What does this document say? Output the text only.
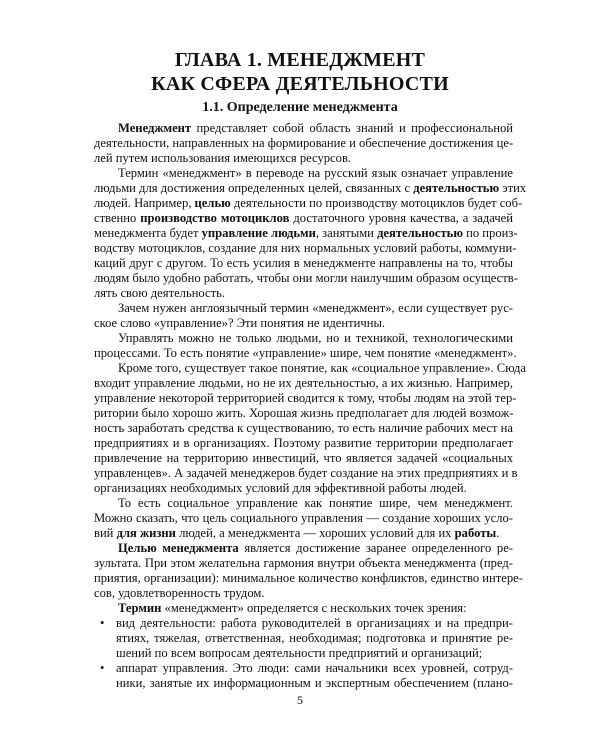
ГЛАВА 1. МЕНЕДЖМЕНТ
КАК СФЕРА ДЕЯТЕЛЬНОСТИ
1.1. Определение менеджмента
Менеджмент представляет собой область знаний и профессиональной
деятельности, направленных на формирование и обеспечение достижения це-
лей путем использования имеющихся ресурсов.
Термин «менеджмент» в переводе на русский язык означает управление
людьми для достижения определенных целей, связанных с деятельностью этих
людей. Например, целью деятельности по производству мотоциклов будет соб-
ственно производство мотоциклов достаточного уровня качества, а задачей
менеджмента будет управление людьми, занятыми деятельностью по произ-
водству мотоциклов, создание для них нормальных условий работы, коммуни-
каций друг с другом. То есть усилия в менеджменте направлены на то, чтобы
людям было удобно работать, чтобы они могли наилучшим образом осуществ-
лять свою деятельность.
Зачем нужен англоязычный термин «менеджмент», если существует рус-
ское слово «управление»? Эти понятия не идентичны.
Управлять можно не только людьми, но и техникой, технологическими
процессами. То есть понятие «управление» шире, чем понятие «менеджмент».
Кроме того, существует такое понятие, как «социальное управление». Сюда
входит управление людьми, но не их деятельностью, а их жизнью. Например,
управление некоторой территорией сводится к тому, чтобы людям на этой тер-
ритории было хорошо жить. Хорошая жизнь предполагает для людей возмож-
ность заработать средства к существованию, то есть наличие рабочих мест на
предприятиях и в организациях. Поэтому развитие территории предполагает
привлечение на территорию инвестиций, что является задачей «социальных
управленцев». А задачей менеджеров будет создание на этих предприятиях и в
организациях необходимых условий для эффективной работы людей.
То есть социальное управление как понятие шире, чем менеджмент.
Можно сказать, что цель социального управления — создание хороших усло-
вий для жизни людей, а менеджмента — хороших условий для их работы.
Целью менеджмента является достижение заранее определенного ре-
зультата. При этом желательна гармония внутри объекта менеджмента (пред-
приятия, организации): минимальное количество конфликтов, единство интере-
сов, удовлетворенность трудом.
Термин «менеджмент» определяется с нескольких точек зрения:
• вид деятельности: работа руководителей в организациях и на предпри-
ятиях, тяжелая, ответственная, необходимая; подготовка и принятие ре-
шений по всем вопросам деятельности предприятий и организаций;
• аппарат управления. Это люди: сами начальники всех уровней, сотруд-
ники, занятые их информационным и экспертным обеспечением (плано-
5
